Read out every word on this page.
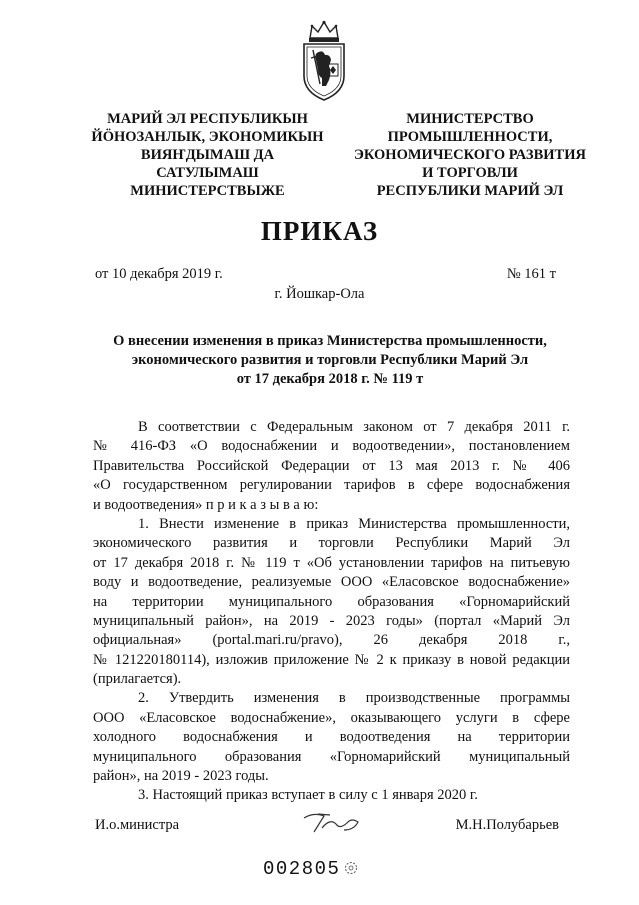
МАРИЙ ЭЛ РЕСПУБЛИКЫН
ЙӦНОЗАНЛЫК, ЭКОНОМИКЫН
ВИЯҤДЫМАШ ДА
САТУЛЫМАШ
МИНИСТЕРСТВЫЖЕ
МИНИСТЕРСТВО
ПРОМЫШЛЕННОСТИ,
ЭКОНОМИЧЕСКОГО РАЗВИТИЯ
И ТОРГОВЛИ
РЕСПУБЛИКИ МАРИЙ ЭЛ
ПРИКАЗ
от 10 декабря 2019 г.	№ 161 т
г. Йошкар-Ола
О внесении изменения в приказ Министерства промышленности,
экономического развития и торговли Республики Марий Эл
от 17 декабря 2018 г. № 119 т
В соответствии с Федеральным законом от 7 декабря 2011 г.
№ 416-ФЗ «О водоснабжении и водоотведении», постановлением
Правительства Российской Федерации от 13 мая 2013 г. № 406
«О государственном регулировании тарифов в сфере водоснабжения
и водоотведения» п р и к а з ы в а ю:
1. Внести изменение в приказ Министерства промышленности,
экономического развития и торговли Республики Марий Эл
от 17 декабря 2018 г. № 119 т «Об установлении тарифов на питьевую
воду и водоотведение, реализуемые ООО «Еласовское водоснабжение»
на территории муниципального образования «Горномарийский
муниципальный район», на 2019 - 2023 годы» (портал «Марий Эл
официальная» (portal.mari.ru/pravo), 26 декабря 2018 г.,
№ 121220180114), изложив приложение № 2 к приказу в новой редакции
(прилагается).
2. Утвердить изменения в производственные программы
ООО «Еласовское водоснабжение», оказывающего услуги в сфере
холодного водоснабжения и водоотведения на территории
муниципального образования «Горномарийский муниципальный
район», на 2019 - 2023 годы.
3. Настоящий приказ вступает в силу с 1 января 2020 г.
И.о.министра	М.Н.Полубарьев
002805
